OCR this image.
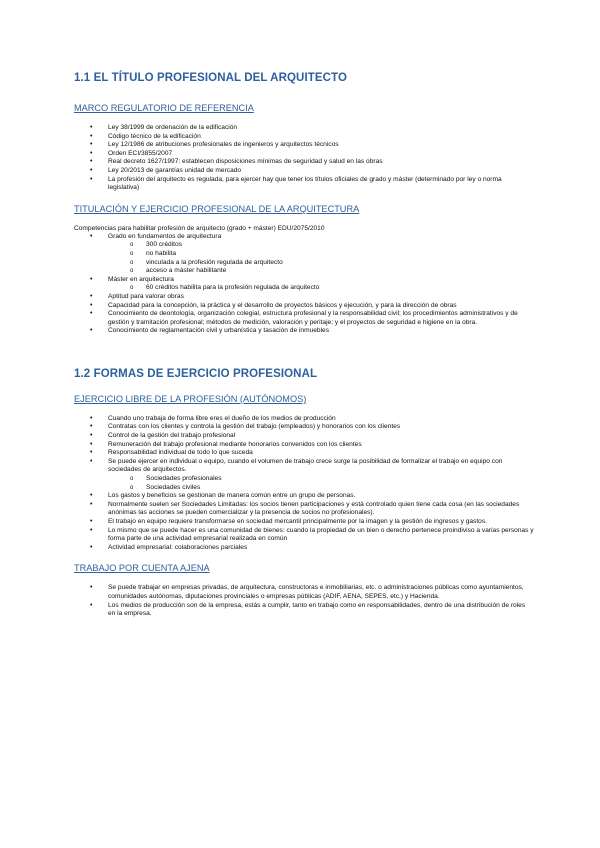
1.1 EL TÍTULO PROFESIONAL DEL ARQUITECTO
MARCO REGULATORIO DE REFERENCIA
• Ley 38/1999 de ordenación de la edificación
• Código técnico de la edificación
• Ley 12/1986 de atribuciones profesionales de ingenieros y arquitectos técnicos
• Orden ECI/3855/2007
• Real decreto 1627/1997: establecen disposiciones mínimas de seguridad y salud en las obras
• Ley 20/2013 de garantías unidad de mercado
• La profesión del arquitecto es regulada, para ejercer hay que tener los títulos oficiales de grado y máster (determinado por ley o norma legislativa)
TITULACIÓN Y EJERCICIO PROFESIONAL DE LA ARQUITECTURA

Competencias para habilitar profesión de arquitecto (grado + máster) EDU/2075/2010

• Grado en fundamentos de arquitectura
o 300 créditos
o no habilita
o vinculada a la profesión regulada de arquitecto
o acceso a máster habilitante
• Máster en arquitectura
o 60 créditos habilita para la profesión regulada de arquitecto
• Aptitud para valorar obras
• Capacidad para la concepción, la práctica y el desarrollo de proyectos básicos y ejecución, y para la dirección de obras
• Conocimiento de deontología, organización colegial, estructura profesional y la responsabilidad civil; los procedimientos administrativos y de gestión y tramitación profesional; métodos de medición, valoración y peritaje; y el proyectos de seguridad e higiene en la obra.
• Conocimiento de reglamentación civil y urbanística y tasación de inmuebles
1.2 FORMAS DE EJERCICIO PROFESIONAL
EJERCICIO LIBRE DE LA PROFESIÓN (AUTÓNOMOS)
• Cuando uno trabaja de forma libre eres el dueño de los medios de producción
• Contratas con los clientes y controla la gestión del trabajo (empleados) y honorarios con los clientes
• Control de la gestión del trabajo profesional
• Remuneración del trabajo profesional mediante honorarios convenidos con los clientes
• Responsabilidad individual de todo lo que suceda
• Se puede ejercer en individual o equipo, cuando el volumen de trabajo crece surge la posibilidad de formalizar el trabajo en equipo con sociedades de arquitectos.
o Sociedades profesionales
o Sociedades civiles
• Los gastos y beneficios se gestionan de manera común entre un grupo de personas.
• Normalmente suelen ser Sociedades Limitadas: los socios tienen participaciones y está controlado quien tiene cada cosa (en las sociedades anónimas las acciones se pueden comercializar y la presencia de socios no profesionales).
• El trabajo en equipo requiere transformarse en sociedad mercantil principalmente por la imagen y la gestión de ingresos y gastos.
• Lo mismo que se puede hacer es una comunidad de bienes: cuando la propiedad de un bien o derecho pertenece proindiviso a varias personas y forma parte de una actividad empresarial realizada en común
• Actividad empresarial: colaboraciones parciales
TRABAJO POR CUENTA AJENA
• Se puede trabajar en empresas privadas, de arquitectura, constructoras e inmobiliarias, etc. o administraciones públicas como ayuntamientos, comunidades autónomas, diputaciones provinciales o empresas públicas (ADIF, AENA, SEPES, etc.) y Hacienda.
• Los medios de producción son de la empresa, estás a cumplir, tanto en trabajo como en responsabilidades, dentro de una distribución de roles en la empresa.
